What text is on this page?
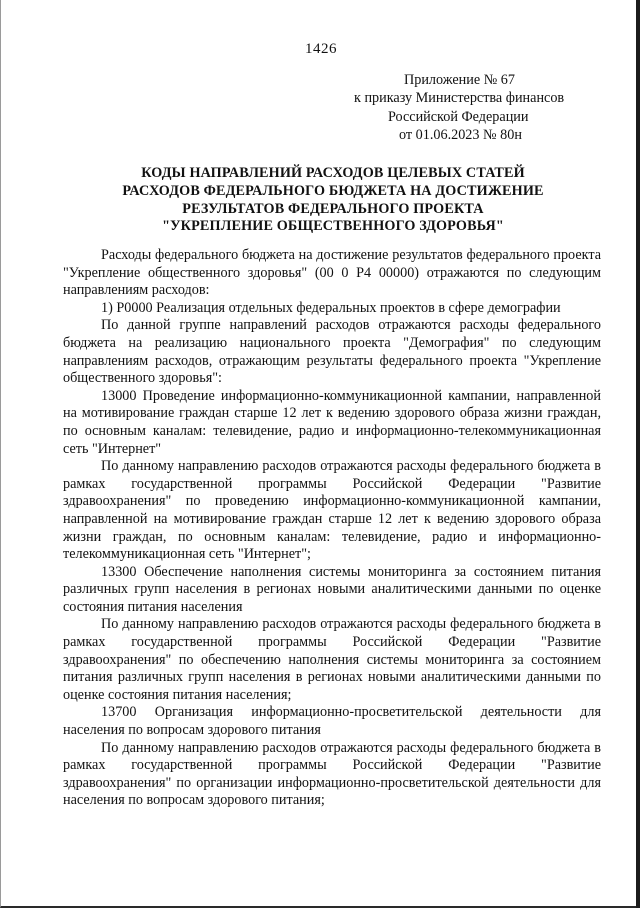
1426
Приложение № 67
к приказу Министерства финансов
Российской Федерации
от 01.06.2023 № 80н
КОДЫ НАПРАВЛЕНИЙ РАСХОДОВ ЦЕЛЕВЫХ СТАТЕЙ
РАСХОДОВ ФЕДЕРАЛЬНОГО БЮДЖЕТА НА ДОСТИЖЕНИЕ
РЕЗУЛЬТАТОВ ФЕДЕРАЛЬНОГО ПРОЕКТА
"УКРЕПЛЕНИЕ ОБЩЕСТВЕННОГО ЗДОРОВЬЯ"

Расходы федерального бюджета на достижение результатов федерального проекта "Укрепление общественного здоровья" (00 0 Р4 00000) отражаются по следующим направлениям расходов:

1) Р0000 Реализация отдельных федеральных проектов в сфере демографии

По данной группе направлений расходов отражаются расходы федерального бюджета на реализацию национального проекта "Демография" по следующим направлениям расходов, отражающим результаты федерального проекта "Укрепление общественного здоровья":

13000 Проведение информационно-коммуникационной кампании, направленной на мотивирование граждан старше 12 лет к ведению здорового образа жизни граждан, по основным каналам: телевидение, радио и информационно-телекоммуникационная сеть "Интернет"

По данному направлению расходов отражаются расходы федерального бюджета в рамках государственной программы Российской Федерации "Развитие здравоохранения" по проведению информационно-коммуникационной кампании, направленной на мотивирование граждан старше 12 лет к ведению здорового образа жизни граждан, по основным каналам: телевидение, радио и информационно-телекоммуникационная сеть "Интернет";

13300 Обеспечение наполнения системы мониторинга за состоянием питания различных групп населения в регионах новыми аналитическими данными по оценке состояния питания населения

По данному направлению расходов отражаются расходы федерального бюджета в рамках государственной программы Российской Федерации "Развитие здравоохранения" по обеспечению наполнения системы мониторинга за состоянием питания различных групп населения в регионах новыми аналитическими данными по оценке состояния питания населения;

13700 Организация информационно-просветительской деятельности для населения по вопросам здорового питания

По данному направлению расходов отражаются расходы федерального бюджета в рамках государственной программы Российской Федерации "Развитие здравоохранения" по организации информационно-просветительской деятельности для населения по вопросам здорового питания;
